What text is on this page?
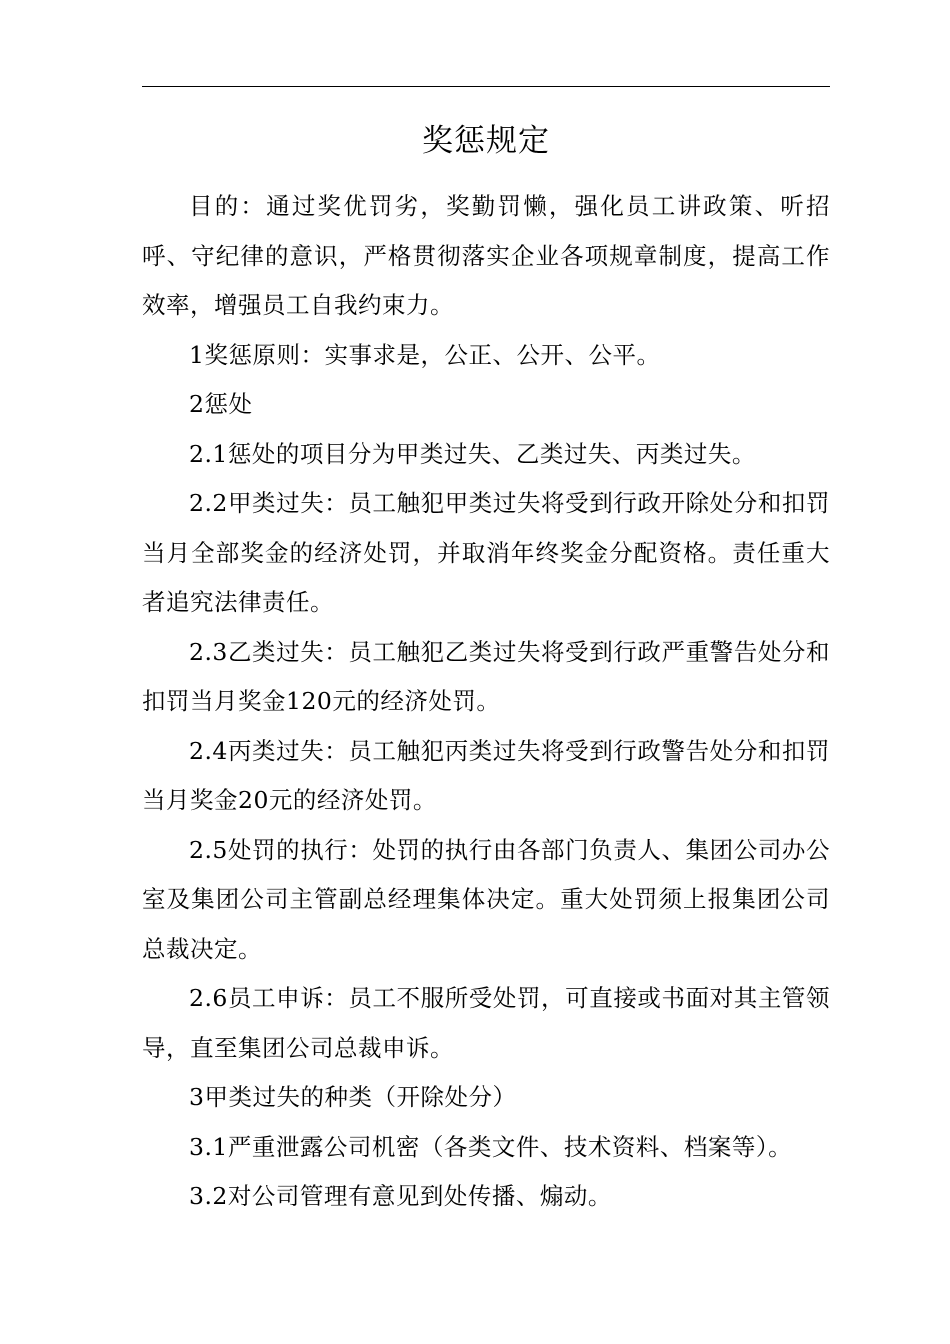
奖惩规定

目的：通过奖优罚劣，奖勤罚懒，强化员工讲政策、听招呼、守纪律的意识，严格贯彻落实企业各项规章制度，提高工作效率，增强员工自我约束力。

1奖惩原则：实事求是，公正、公开、公平。

2惩处

2.1惩处的项目分为甲类过失、乙类过失、丙类过失。

2.2甲类过失：员工触犯甲类过失将受到行政开除处分和扣罚当月全部奖金的经济处罚，并取消年终奖金分配资格。责任重大者追究法律责任。

2.3乙类过失：员工触犯乙类过失将受到行政严重警告处分和扣罚当月奖金120元的经济处罚。

2.4丙类过失：员工触犯丙类过失将受到行政警告处分和扣罚当月奖金20元的经济处罚。

2.5处罚的执行：处罚的执行由各部门负责人、集团公司办公室及集团公司主管副总经理集体决定。重大处罚须上报集团公司总裁决定。

2.6员工申诉：员工不服所受处罚，可直接或书面对其主管领导，直至集团公司总裁申诉。

3甲类过失的种类（开除处分）

3.1严重泄露公司机密（各类文件、技术资料、档案等）。

3.2对公司管理有意见到处传播、煽动。
